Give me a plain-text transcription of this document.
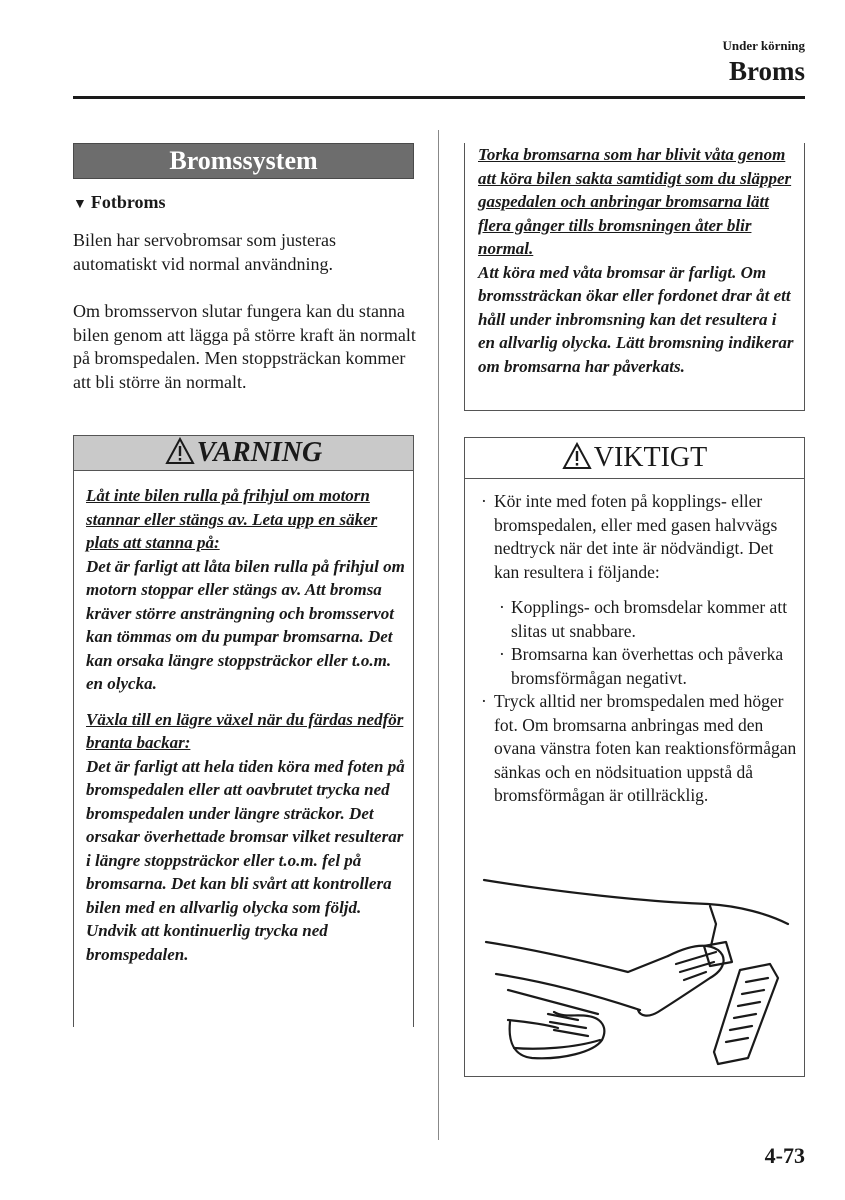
Under körning
Broms
Bromssystem
▼ Fotbroms

Bilen har servobromsar som justeras automatiskt vid normal användning.

Om bromsservon slutar fungera kan du stanna bilen genom att lägga på större kraft än normalt på bromspedalen. Men stoppsträckan kommer att bli större än normalt.

VARNING

Låt inte bilen rulla på frihjul om motorn stannar eller stängs av. Leta upp en säker plats att stanna på:
Det är farligt att låta bilen rulla på frihjul om motorn stoppar eller stängs av. Att bromsa kräver större ansträngning och bromsservot kan tömmas om du pumpar bromsarna. Det kan orsaka längre stoppsträckor eller t.o.m. en olycka.

Växla till en lägre växel när du färdas nedför branta backar:
Det är farligt att hela tiden köra med foten på bromspedalen eller att oavbrutet trycka ned bromspedalen under längre sträckor. Det orsakar överhettade bromsar vilket resulterar i längre stoppsträckor eller t.o.m. fel på bromsarna. Det kan bli svårt att kontrollera bilen med en allvarlig olycka som följd. Undvik att kontinuerlig trycka ned bromspedalen.

Torka bromsarna som har blivit våta genom att köra bilen sakta samtidigt som du släpper gaspedalen och anbringar bromsarna lätt flera gånger tills bromsningen åter blir normal.
Att köra med våta bromsar är farligt. Om bromssträckan ökar eller fordonet drar åt ett håll under inbromsning kan det resultera i en allvarlig olycka. Lätt bromsning indikerar om bromsarna har påverkats.
VIKTIGT

· Kör inte med foten på kopplings- eller bromspedalen, eller med gasen halvvägs nedtryck när det inte är nödvändigt. Det kan resultera i följande:

· Kopplings- och bromsdelar kommer att slitas ut snabbare.

· Bromsarna kan överhettas och påverka bromsförmågan negativt.

· Tryck alltid ner bromspedalen med höger fot. Om bromsarna anbringas med den ovana vänstra foten kan reaktionsförmågan sänkas och en nödsituation uppstå då bromsförmågan är otillräcklig.

4-73
